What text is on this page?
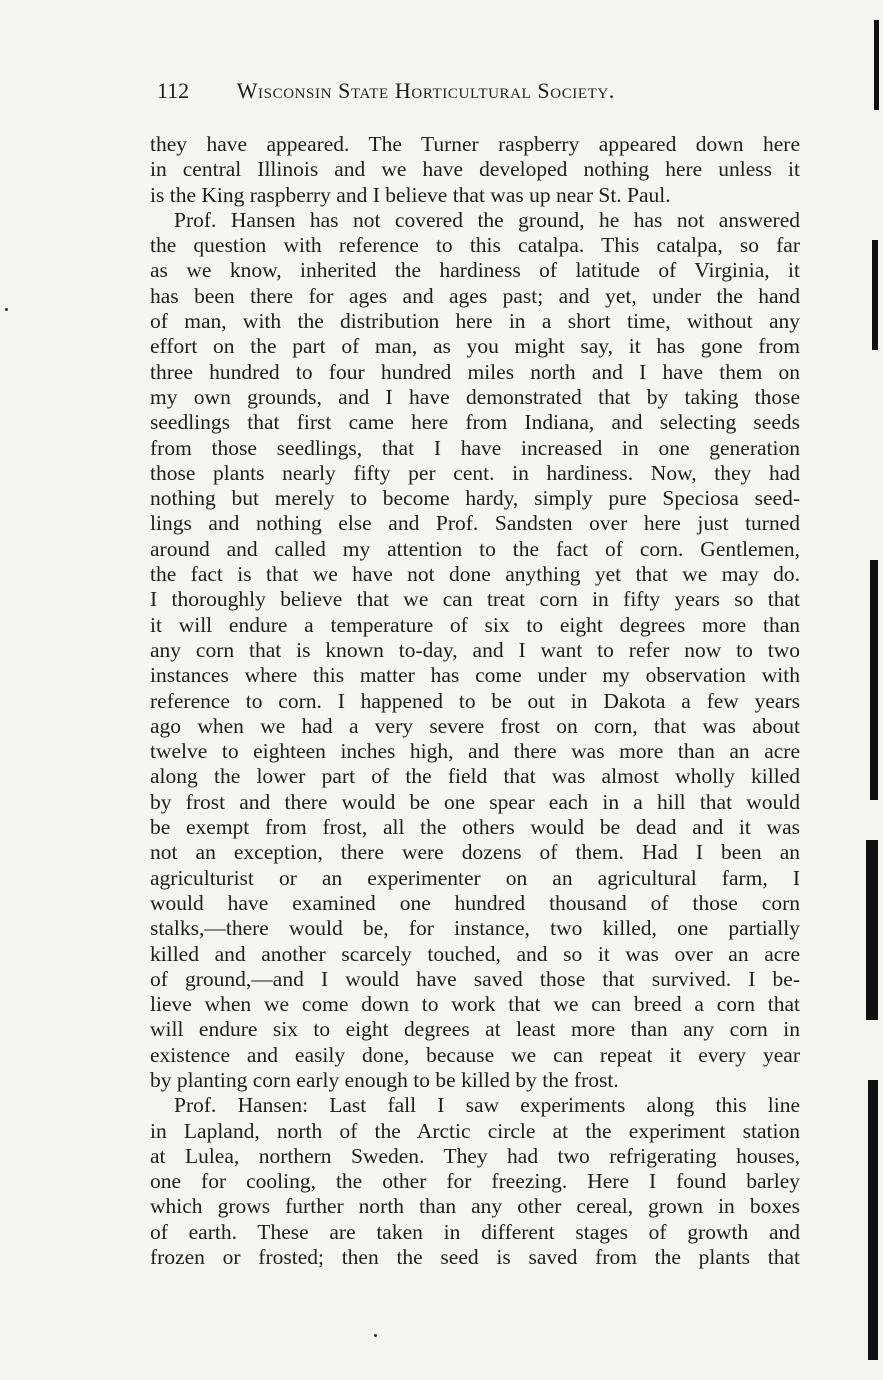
112 Wisconsin State Horticultural Society.
they have appeared. The Turner raspberry appeared down here
in central Illinois and we have developed nothing here unless it
is the King raspberry and I believe that was up near St. Paul.
Prof. Hansen has not covered the ground, he has not answered
the question with reference to this catalpa. This catalpa, so far
as we know, inherited the hardiness of latitude of Virginia, it
has been there for ages and ages past; and yet, under the hand
of man, with the distribution here in a short time, without any
effort on the part of man, as you might say, it has gone from
three hundred to four hundred miles north and I have them on
my own grounds, and I have demonstrated that by taking those
seedlings that first came here from Indiana, and selecting seeds
from those seedlings, that I have increased in one generation
those plants nearly fifty per cent. in hardiness. Now, they had
nothing but merely to become hardy, simply pure Speciosa seed-
lings and nothing else and Prof. Sandsten over here just turned
around and called my attention to the fact of corn. Gentlemen,
the fact is that we have not done anything yet that we may do.
I thoroughly believe that we can treat corn in fifty years so that
it will endure a temperature of six to eight degrees more than
any corn that is known to-day, and I want to refer now to two
instances where this matter has come under my observation with
reference to corn. I happened to be out in Dakota a few years
ago when we had a very severe frost on corn, that was about
twelve to eighteen inches high, and there was more than an acre
along the lower part of the field that was almost wholly killed
by frost and there would be one spear each in a hill that would
be exempt from frost, all the others would be dead and it was
not an exception, there were dozens of them. Had I been an
agriculturist or an experimenter on an agricultural farm, I
would have examined one hundred thousand of those corn
stalks,—there would be, for instance, two killed, one partially
killed and another scarcely touched, and so it was over an acre
of ground,—and I would have saved those that survived. I be-
lieve when we come down to work that we can breed a corn that
will endure six to eight degrees at least more than any corn in
existence and easily done, because we can repeat it every year
by planting corn early enough to be killed by the frost.
Prof. Hansen: Last fall I saw experiments along this line
in Lapland, north of the Arctic circle at the experiment station
at Lulea, northern Sweden. They had two refrigerating houses,
one for cooling, the other for freezing. Here I found barley
which grows further north than any other cereal, grown in boxes
of earth. These are taken in different stages of growth and
frozen or frosted; then the seed is saved from the plants that
